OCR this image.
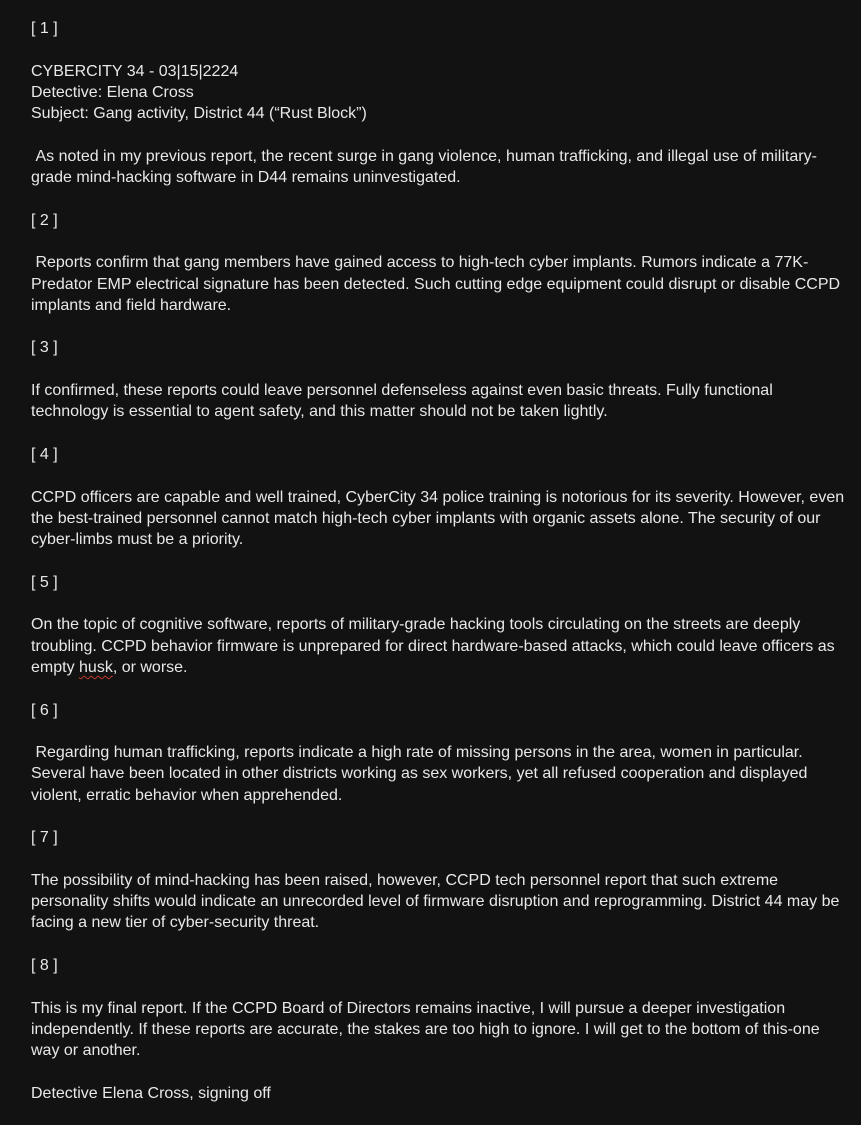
[ 1 ]

CYBERCITY 34 - 03|15|2224
Detective: Elena Cross
Subject: Gang activity, District 44 (“Rust Block”)

As noted in my previous report, the recent surge in gang violence, human trafficking, and illegal use of military-grade mind-hacking software in D44 remains uninvestigated.

[ 2 ]

Reports confirm that gang members have gained access to high-tech cyber implants. Rumors indicate a 77K-Predator EMP electrical signature has been detected. Such cutting edge equipment could disrupt or disable CCPD implants and field hardware.

[ 3 ]

If confirmed, these reports could leave personnel defenseless against even basic threats. Fully functional technology is essential to agent safety, and this matter should not be taken lightly.

[ 4 ]

CCPD officers are capable and well trained, CyberCity 34 police training is notorious for its severity. However, even the best-trained personnel cannot match high-tech cyber implants with organic assets alone. The security of our cyber-limbs must be a priority.

[ 5 ]

On the topic of cognitive software, reports of military-grade hacking tools circulating on the streets are deeply troubling. CCPD behavior firmware is unprepared for direct hardware-based attacks, which could leave officers as empty husk, or worse.

[ 6 ]

Regarding human trafficking, reports indicate a high rate of missing persons in the area, women in particular. Several have been located in other districts working as sex workers, yet all refused cooperation and displayed violent, erratic behavior when apprehended.

[ 7 ]

The possibility of mind-hacking has been raised, however, CCPD tech personnel report that such extreme personality shifts would indicate an unrecorded level of firmware disruption and reprogramming. District 44 may be facing a new tier of cyber-security threat.

[ 8 ]

This is my final report. If the CCPD Board of Directors remains inactive, I will pursue a deeper investigation independently. If these reports are accurate, the stakes are too high to ignore. I will get to the bottom of this-one way or another.

Detective Elena Cross, signing off
